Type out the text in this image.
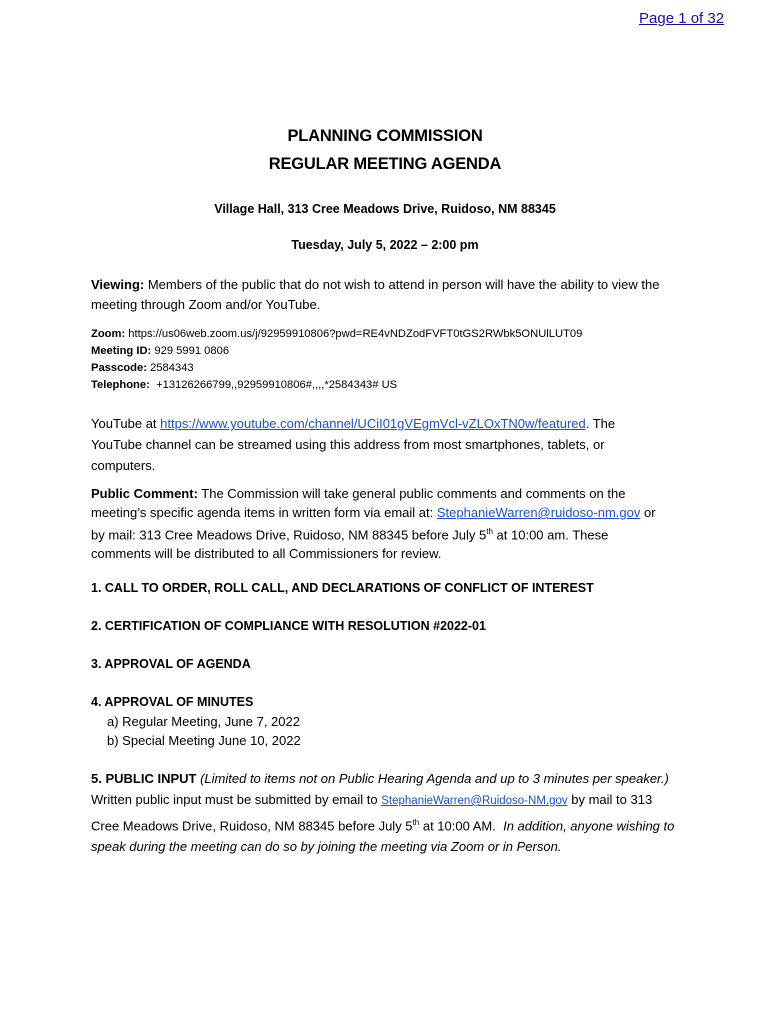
Page 1 of 32
PLANNING COMMISSION
REGULAR MEETING AGENDA
Village Hall, 313 Cree Meadows Drive, Ruidoso, NM 88345
Tuesday, July 5, 2022 – 2:00 pm
Viewing: Members of the public that do not wish to attend in person will have the ability to view the meeting through Zoom and/or YouTube.
Zoom: https://us06web.zoom.us/j/92959910806?pwd=RE4vNDZodFVFT0tGS2RWbk5ONUlLUT09
Meeting ID: 929 5991 0806
Passcode: 2584343
Telephone: +13126266799,,92959910806#,,,,*2584343# US
YouTube at https://www.youtube.com/channel/UCiI01gVEgmVcl-vZLOxTN0w/featured. The YouTube channel can be streamed using this address from most smartphones, tablets, or computers.
Public Comment: The Commission will take general public comments and comments on the meeting’s specific agenda items in written form via email at: StephanieWarren@ruidoso-nm.gov or by mail: 313 Cree Meadows Drive, Ruidoso, NM 88345 before July 5th at 10:00 am. These comments will be distributed to all Commissioners for review.
1. CALL TO ORDER, ROLL CALL, AND DECLARATIONS OF CONFLICT OF INTEREST
2. CERTIFICATION OF COMPLIANCE WITH RESOLUTION #2022-01
3. APPROVAL OF AGENDA
4. APPROVAL OF MINUTES
a) Regular Meeting, June 7, 2022
b) Special Meeting June 10, 2022
5. PUBLIC INPUT (Limited to items not on Public Hearing Agenda and up to 3 minutes per speaker.) Written public input must be submitted by email to StephanieWarren@Ruidoso-NM.gov by mail to 313 Cree Meadows Drive, Ruidoso, NM 88345 before July 5th at 10:00 AM. In addition, anyone wishing to speak during the meeting can do so by joining the meeting via Zoom or in Person.
